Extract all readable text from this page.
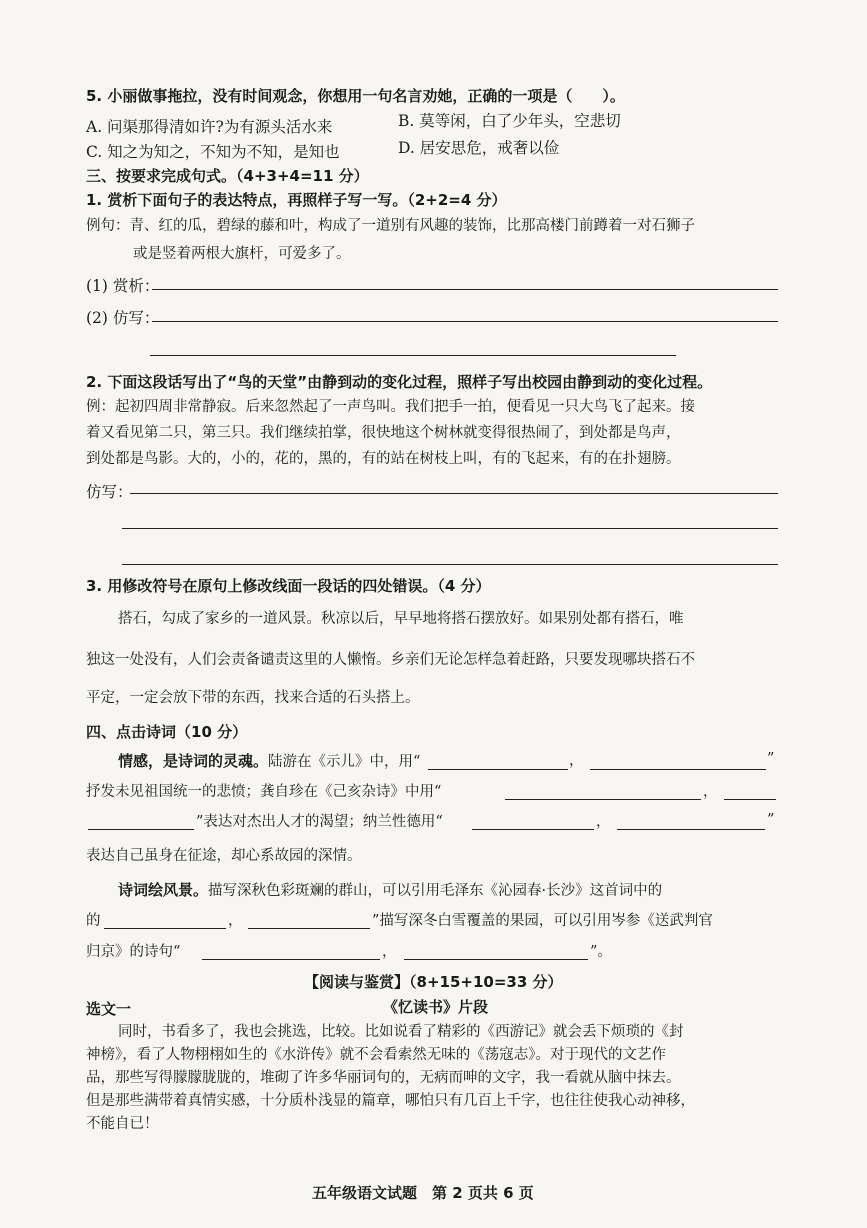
5. 小丽做事拖拉，没有时间观念，你想用一句名言劝她，正确的一项是（　　）。
A. 问渠那得清如许?为有源头活水来	B. 莫等闲，白了少年头，空悲切
C. 知之为知之，不知为不知，是知也	D. 居安思危，戒奢以俭
三、按要求完成句式。（4+3+4=11 分）
1. 赏析下面句子的表达特点，再照样子写一写。（2+2=4 分）
例句：青、红的瓜，碧绿的藤和叶，构成了一道别有风趣的装饰，比那高楼门前蹲着一对石狮子
或是竖着两根大旗杆，可爱多了。
(1) 赏析：
(2) 仿写：
2. 下面这段话写出了“鸟的天堂”由静到动的变化过程，照样子写出校园由静到动的变化过程。
例：起初四周非常静寂。后来忽然起了一声鸟叫。我们把手一拍，便看见一只大鸟飞了起来。接
着又看见第二只，第三只。我们继续拍掌，很快地这个树林就变得很热闹了，到处都是鸟声，
到处都是鸟影。大的，小的，花的，黑的，有的站在树枝上叫，有的飞起来，有的在扑翅膀。
仿写：
3. 用修改符号在原句上修改线面一段话的四处错误。（4 分）
搭石，勾成了家乡的一道风景。秋凉以后，早早地将搭石摆放好。如果别处都有搭石，唯
独这一处没有，人们会责备谴责这里的人懒惰。乡亲们无论怎样急着赶路，只要发现哪块搭石不
平定，一定会放下带的东西，找来合适的石头搭上。
四、点击诗词（10 分）
情感，是诗词的灵魂。陆游在《示儿》中，用“	，	”
抒发未见祖国统一的悲愤；龚自珍在《己亥杂诗》中用“	，
”表达对杰出人才的渴望；纳兰性德用“	，	”
表达自己虽身在征途，却心系故园的深情。
诗词绘风景。描写深秋色彩斑斓的群山，可以引用毛泽东《沁园春·长沙》这首词中的
的	，	”描写深冬白雪覆盖的果园，可以引用岑参《送武判官
归京》的诗句“	，	”。
【阅读与鉴赏】（8+15+10=33 分）
选文一	《忆读书》片段
同时，书看多了，我也会挑选，比较。比如说看了精彩的《西游记》就会丢下烦琐的《封
神榜》，看了人物栩栩如生的《水浒传》就不会看索然无味的《荡寇志》。对于现代的文艺作
品，那些写得朦朦胧胧的，堆砌了许多华丽词句的，无病而呻的文字，我一看就从脑中抹去。
但是那些满带着真情实感，十分质朴浅显的篇章，哪怕只有几百上千字，也往往使我心动神移，
不能自已！
五年级语文试题　第 2 页共 6 页
